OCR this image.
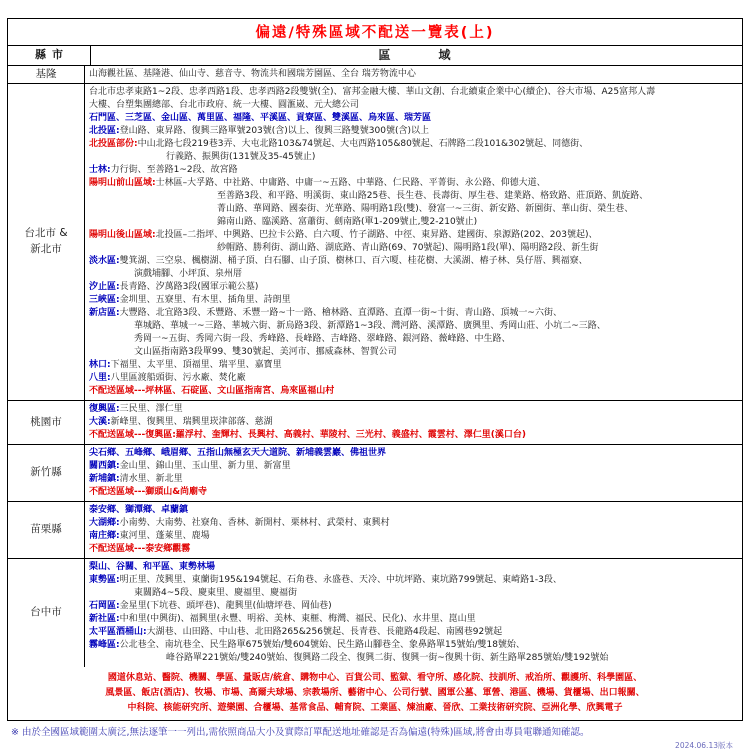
偏遠/特殊區域不配送一覽表(上)
縣市	區域
基隆	山海觀社區、基隆港、仙山寺、慈音寺、物流共和國瑞芳園區、全台 瑞芳物流中心
台北市 &
新北市
台北市忠孝東路1~2段、忠孝西路1段、忠孝西路2段雙號(全)、富邦金融大樓、華山文創、台北續東企業中心(續企)、谷大市場、A25富邦人壽
大樓、台塑集團總部、台北市政府、統一大樓、圓滙崴、元大總公司
石門區、三芝區、金山區、萬里區、福隆、平溪區、貢寮區、雙溪區、烏來區、瑞芳區
北投區:登山路、東昇路、復興三路單號203號(含)以上、復興三路雙號300號(含)以上
北投區部份:中山北路七段219巷3弄、大屯北路103&74號起、大屯西路105&80號起、石牌路二段101&302號起、同德街、
行義路、振興街(131號及35-45號止)
士林:力行街、至善路1~2段、故宮路
陽明山前山區域:士林區–大孚路、中社路、中庸路、中庸一~五路、中華路、仁民路、平菁街、永公路、仰德大道、
至善路3段、和平路、明溪街、東山路25巷、長生巷、長壽街、厚生巷、建業路、格致路、莊頂路、凱旋路、
菁山路、華岡路、國泰街、光華路、陽明路1段(雙)、發富一~三街、新安路、新園街、華山街、榮生巷、
錦南山路、臨溪路、富蕭街、劍南路(單1-209號止,雙2-210號止)
陽明山後山區域:北投區–二指坪、中興路、巴拉卡公路、白六嗄、竹子湖路、中徑、東昇路、建國街、泉源路(202、203號起)、
紗帽路、勝利街、湖山路、湖底路、青山路(69、70號起)、陽明路1段(單)、陽明路2段、新生街
淡水區:雙箕湖、三空泉、楓樹湖、桶子頂、白石腳、山子頂、樹林口、百六嗄、桂花樹、大溪湖、樁子林、吳仔厝、興福寮、
演戲埔腳、小坪頂、泉州厝
汐止區:長青路、汐萬路3段(國軍示範公墓)
三峽區:金圳里、五寮里、有木里、插角里、詩朗里
新店區:大豐路、北宜路3段、禾豐路、禾豐一路~十一路、檜林路、直潭路、直潭一街~十街、青山路、頂城一~六街、
華城路、華城一~三路、華城六街、新烏路3段、新潭路1~3段、灣河路、溪潭路、廣興里、秀岡山莊、小坑二~三路、
秀岡一~五街、秀岡六街一段、秀峰路、長峰路、吉峰路、翠峰路、銀河路、薇峰路、中生路、
文山區指南路3段單99、雙30號起、美河市、挪威森林、智賀公司
林口:下福里、太平里、頂福里、瑞平里、嘉寶里
八里:八里區渡船頭街、污水廠、焚化廠
不配送區域---坪林區、石碇區、文山區指南宮、烏來區福山村
桃園市
復興區:三民里、澤仁里
大溪:新峰里、復興里、瑞興里崁津部落、慈湖
不配送區域---復興區:羅浮村、奎輝村、長興村、高義村、華陵村、三光村、義盛村、霞雲村、澤仁里(溪口台)
新竹縣
尖石鄉、五峰鄉、峨眉鄉、五指山無極玄天大道院、新埔義雲巖、佛祖世界
關西鎮:金山里、錦山里、玉山里、新力里、新富里
新埔鎮:清水里、新北里
不配送區域---獅頭山&尚廟寺
苗栗縣
泰安鄉、獅潭鄉、卓蘭鎮
大湖鄉:小南勢、大南勢、社寮角、香林、新開村、栗林村、武榮村、東興村
南庄鄉:東河里、蓬萊里、鹿場
不配送區域---泰安鄉觀霧
台中市
梨山、谷關、和平區、東勢林場
東勢區:明正里、茂興里、東蘭街195&194號起、石角巷、永盛巷、天冷、中坑坪路、東坑路799號起、東崎路1-3段、
東關路4~5段、慶東里、慶福里、慶福街
石岡區:金星里(下坑巷、頭坪巷)、龍興里(仙塘坪巷、岡仙巷)
新社區:中和里(中興街)、福興里(永豐、明裕、美林、東榧、梅灣、福民、民化)、水井里、崑山里
太平區酒桶山:大湖巷、山田路、中山巷、北田路265&256號起、長青巷、長龍路4段起、南國巷92號起
霧峰區:公北巷全、南坑巷全、民生路單675號始/雙604號始、民生路山腳巷全、象鼻路單15號始/雙18號始、
峰谷路單221號始/雙240號始、復興路二段全、復興二街、復興一街~復興十街、新生路單285號始/雙192號始
國道休息站、醫院、機關、學區、量販店/統倉、購物中心、百貨公司、監獄、看守所、感化院、技訓所、戒治所、觀護所、科學園區、
風景區、飯店(酒店)、牧場、市場、高爾夫球場、宗教場所、藝術中心、公司行號、國軍公墓、軍營、港區、機場、貨櫃場、出口報關、
中科院、核能研究所、遊樂園、合櫃場、基常食品、輔育院、工業區、煉油廠、晉欣、工業技術研究院、亞洲化學、欣興電子
※ 由於全國區域範圍太廣泛,無法逐筆一一列出,需依照商品大小及實際訂單配送地址確認是否為偏遠(特殊)區域,將會由專員電聯通知確認。
2024.06.13版本
